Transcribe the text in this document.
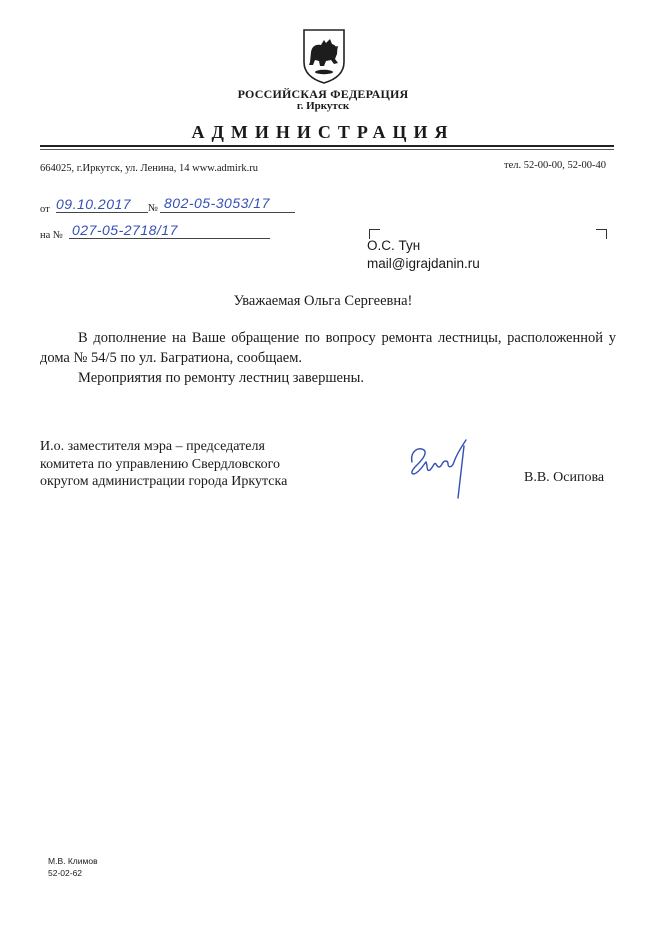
РОССИЙСКАЯ ФЕДЕРАЦИЯ
г. Иркутск
АДМИНИСТРАЦИЯ
664025, г.Иркутск, ул. Ленина, 14 www.admirk.ru	тел. 52-00-00, 52-00-40
от 09.10.2017 № 802-05-3053/17
на № 027-05-2718/17
О.С. Тун
mail@igrajdanin.ru
Уважаемая Ольга Сергеевна!
В дополнение на Ваше обращение по вопросу ремонта лестницы, расположенной у дома № 54/5 по ул. Багратиона, сообщаем.
Мероприятия по ремонту лестниц завершены.
И.о. заместителя мэра – председателя
комитета по управлению Свердловского
округом администрации города Иркутска	В.В. Осипова
М.В. Климов
52-02-62
